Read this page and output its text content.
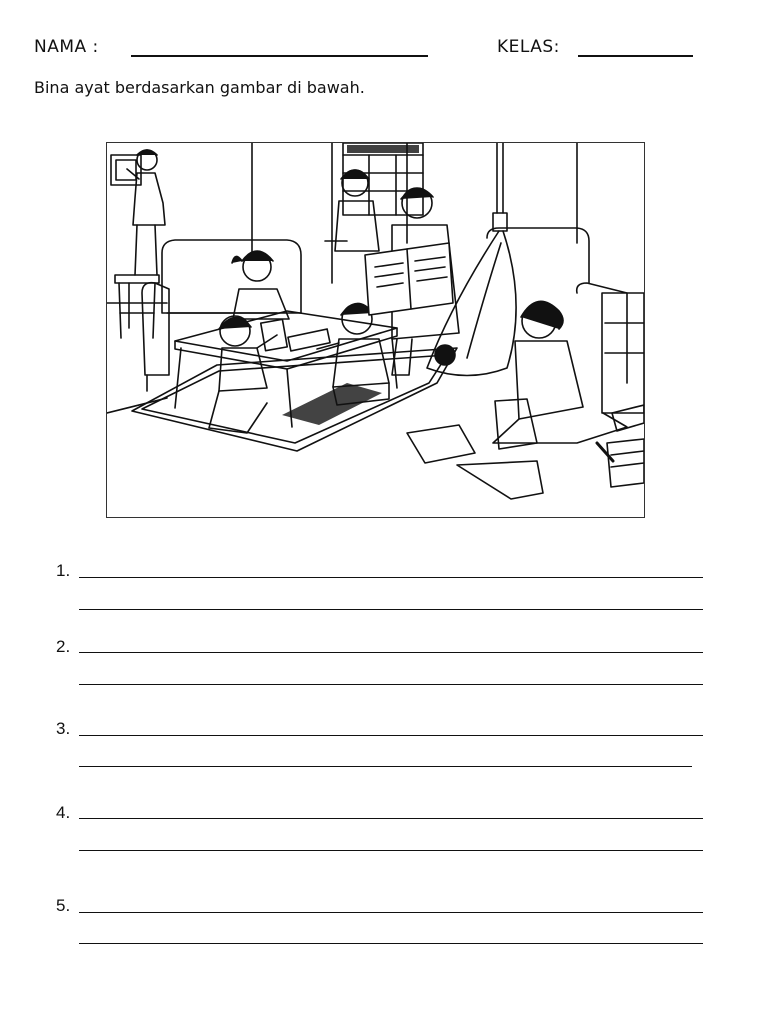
NAMA :	KELAS:
Bina ayat berdasarkan gambar di bawah.
1.
2.
3.
4.
5.
